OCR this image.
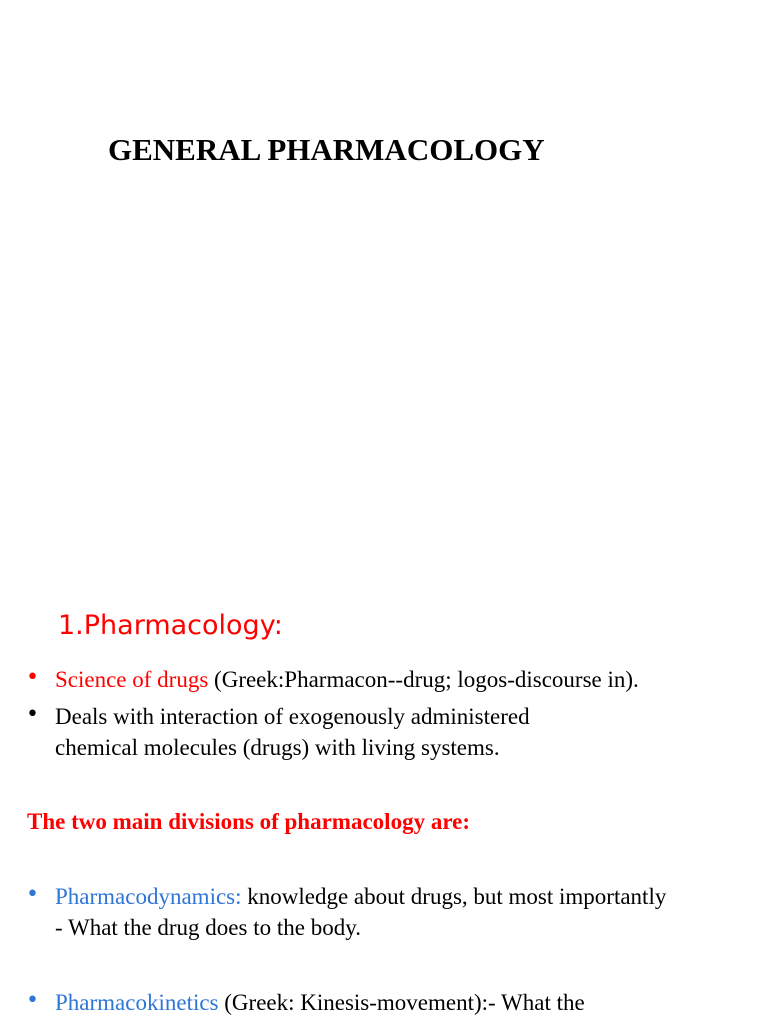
GENERAL PHARMACOLOGY
1.Pharmacology:
• Science of drugs (Greek:Pharmacon--drug; logos-discourse in).
• Deals with interaction of exogenously administered
chemical molecules (drugs) with living systems.
The two main divisions of pharmacology are:
• Pharmacodynamics: knowledge about drugs, but most importantly
- What the drug does to the body.
• Pharmacokinetics (Greek: Kinesis-movement):- What the
